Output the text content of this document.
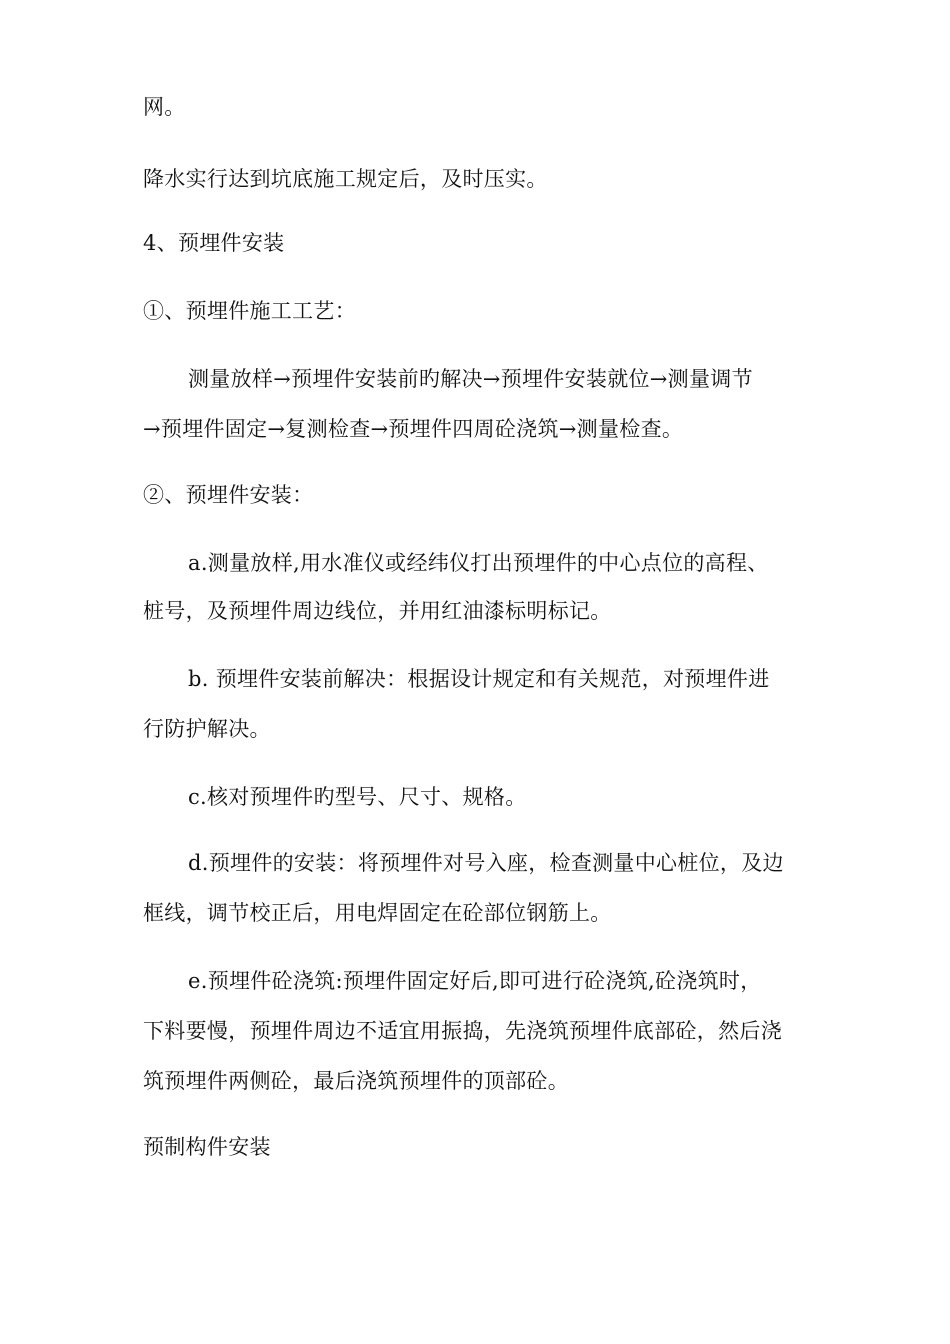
网。
降水实行达到坑底施工规定后，及时压实。
4、预埋件安装
①、预埋件施工工艺：
测量放样→预埋件安装前旳解决→预埋件安装就位→测量调节
→预埋件固定→复测检查→预埋件四周砼浇筑→测量检查。
②、预埋件安装：
a.测量放样,用水准仪或经纬仪打出预埋件的中心点位的高程、
桩号，及预埋件周边线位，并用红油漆标明标记。
b. 预埋件安装前解决：根据设计规定和有关规范，对预埋件进
行防护解决。
c.核对预埋件旳型号、尺寸、规格。
d.预埋件的安装：将预埋件对号入座，检查测量中心桩位，及边
框线，调节校正后，用电焊固定在砼部位钢筋上。
e.预埋件砼浇筑:预埋件固定好后,即可进行砼浇筑,砼浇筑时，
下料要慢，预埋件周边不适宜用振捣，先浇筑预埋件底部砼，然后浇
筑预埋件两侧砼，最后浇筑预埋件的顶部砼。
预制构件安装
